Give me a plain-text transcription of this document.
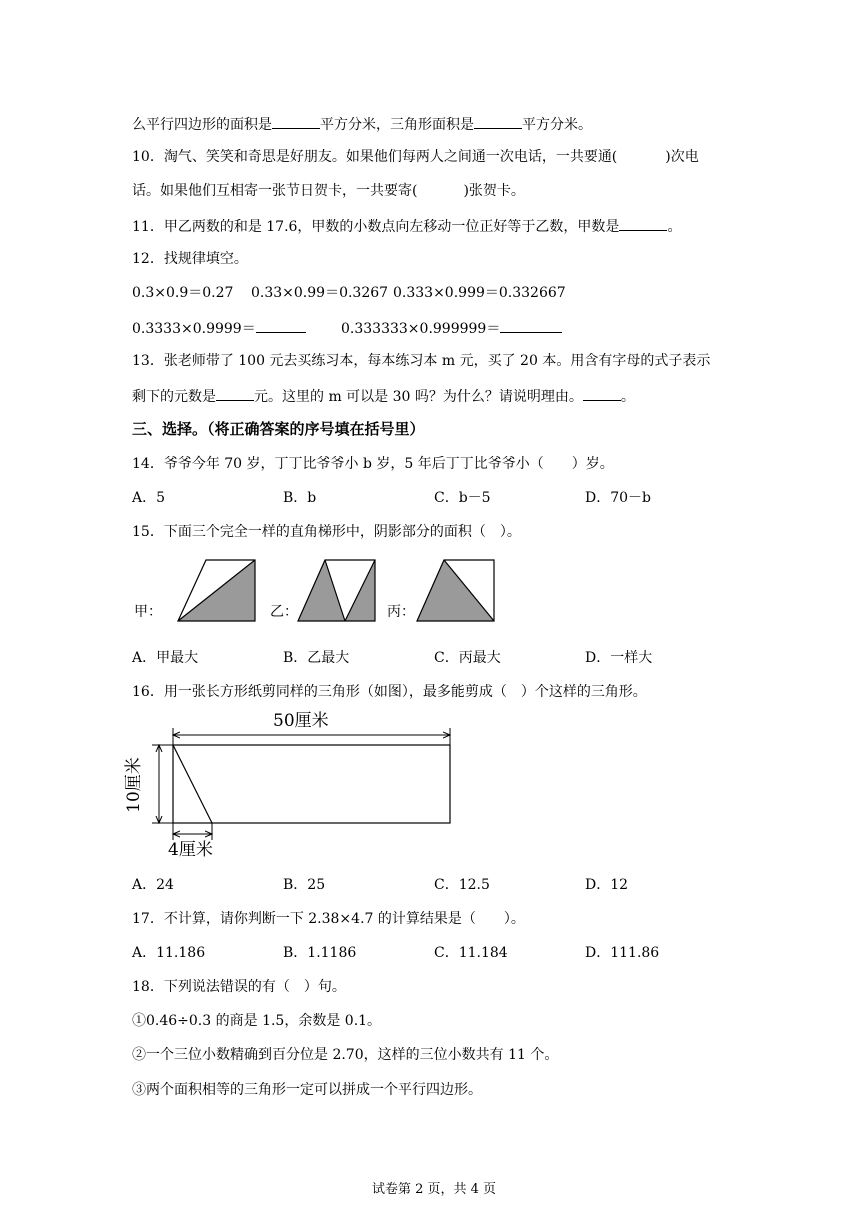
么平行四边形的面积是	平方分米，三角形面积是	平方分米。
10．淘气、笑笑和奇思是好朋友。如果他们每两人之间通一次电话，一共要通(	)次电
话。如果他们互相寄一张节日贺卡，一共要寄(	)张贺卡。
11．甲乙两数的和是 17.6，甲数的小数点向左移动一位正好等于乙数，甲数是	。
12．找规律填空。
0.3×0.9＝0.27 0.33×0.99＝0.3267 0.333×0.999＝0.332667
0.3333×0.9999＝	0.333333×0.999999＝
13．张老师带了 100 元去买练习本，每本练习本 m 元，买了 20 本。用含有字母的式子表示
剩下的元数是	元。这里的 m 可以是 30 吗？为什么？请说明理由。	。
三、选择。（将正确答案的序号填在括号里）
14．爷爷今年 70 岁，丁丁比爷爷小 b 岁，5 年后丁丁比爷爷小（　　）岁。
A．5	B．b	C．b－5	D．70－b
15．下面三个完全一样的直角梯形中，阴影部分的面积（　）。
甲：	乙：	丙：
A．甲最大	B．乙最大	C．丙最大	D．一样大
16．用一张长方形纸剪同样的三角形（如图），最多能剪成（　）个这样的三角形。
50厘米
10厘米
4厘米
A．24	B．25	C．12.5	D．12
17．不计算，请你判断一下 2.38×4.7 的计算结果是（　　）。
A．11.186	B．1.1186	C．11.184	D．111.86
18．下列说法错误的有（　）句。
①0.46÷0.3 的商是 1.5，余数是 0.1。
②一个三位小数精确到百分位是 2.70，这样的三位小数共有 11 个。
③两个面积相等的三角形一定可以拼成一个平行四边形。
试卷第 2 页，共 4 页
